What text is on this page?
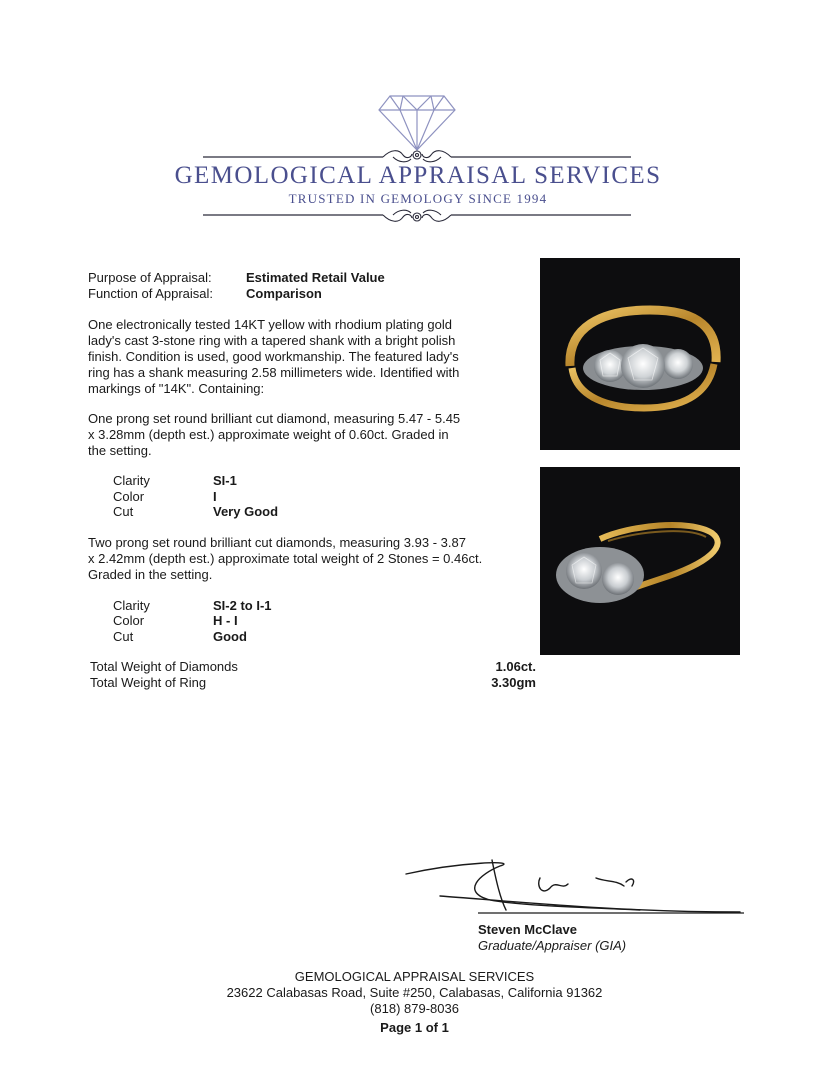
GEMOLOGICAL APPRAISAL SERVICES
TRUSTED IN GEMOLOGY SINCE 1994
Purpose of Appraisal:	Estimated Retail Value
Function of Appraisal:	Comparison
One electronically tested 14KT yellow with rhodium plating gold
lady's cast 3-stone ring with a tapered shank with a bright polish
finish. Condition is used, good workmanship. The featured lady's
ring has a shank measuring 2.58 millimeters wide. Identified with
markings of "14K". Containing:
One prong set round brilliant cut diamond, measuring 5.47 - 5.45
x 3.28mm (depth est.) approximate weight of 0.60ct. Graded in
the setting.
Clarity	SI-1
Color	I
Cut	Very Good
Two prong set round brilliant cut diamonds, measuring 3.93 - 3.87
x 2.42mm (depth est.) approximate total weight of 2 Stones = 0.46ct.
Graded in the setting.
Clarity	SI-2 to I-1
Color	H - I
Cut	Good
Total Weight of Diamonds	1.06ct.
Total Weight of Ring	3.30gm
Steven McClave
Graduate/Appraiser (GIA)
GEMOLOGICAL APPRAISAL SERVICES
23622 Calabasas Road, Suite #250, Calabasas, California 91362
(818) 879-8036
Page 1 of 1
